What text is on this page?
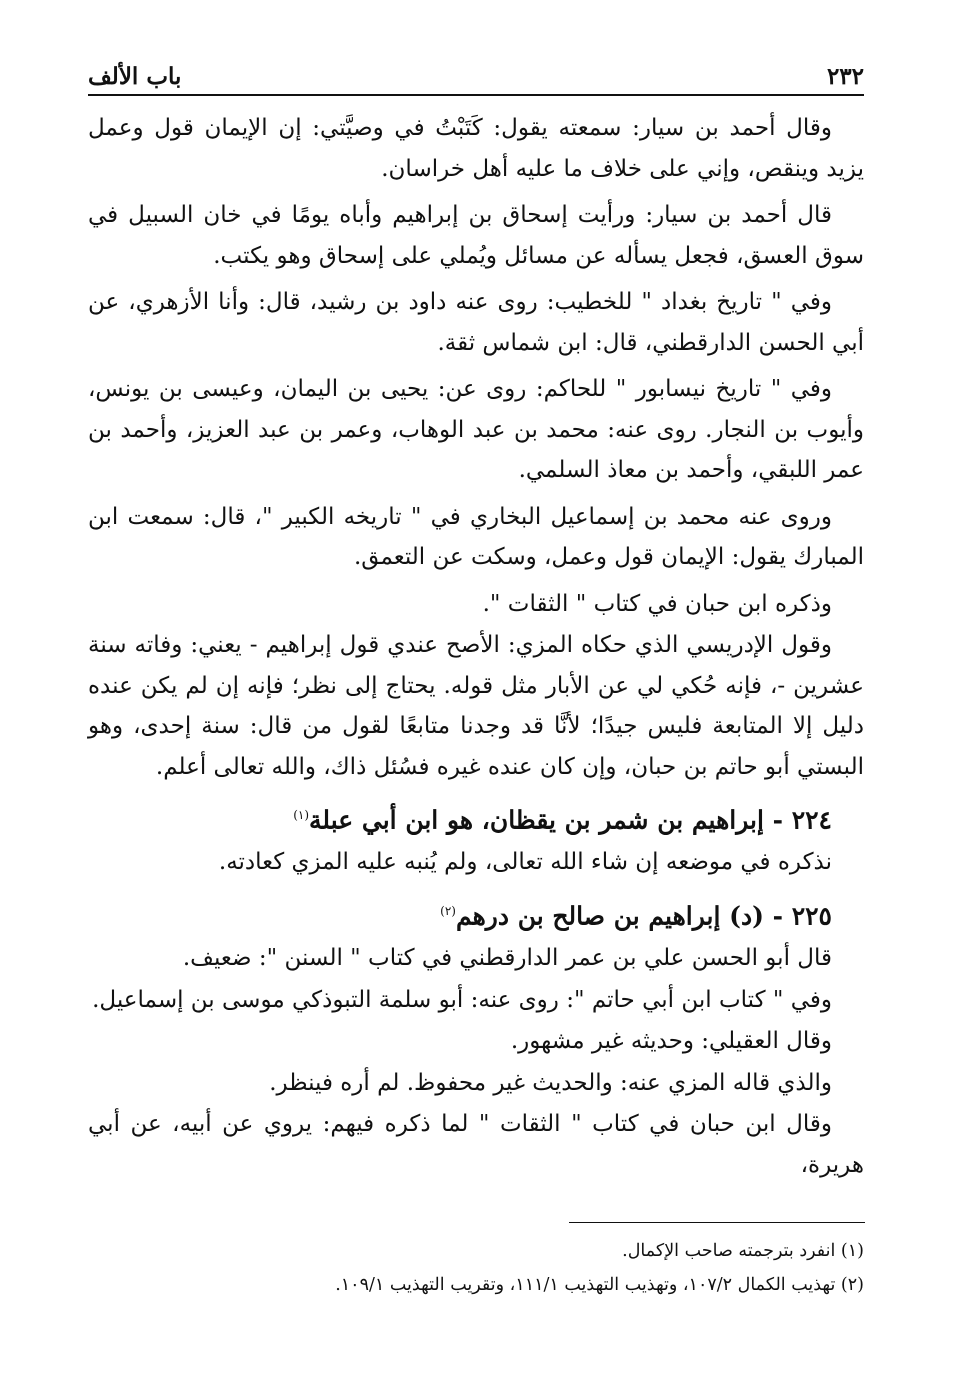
٢٣٢
باب الألف

وقال أحمد بن سيار: سمعته يقول: كَتَبْتُ في وصيَّتي: إن الإيمان قول وعمل يزيد وينقص، وإني على خلاف ما عليه أهل خراسان.

قال أحمد بن سيار: ورأيت إسحاق بن إبراهيم وأباه يومًا في خان السبيل في سوق العسق، فجعل يسأله عن مسائل ويُملي على إسحاق وهو يكتب.

وفي " تاريخ بغداد " للخطيب: روى عنه داود بن رشيد، قال: وأنا الأزهري، عن أبي الحسن الدارقطني، قال: ابن شماس ثقة.

وفي " تاريخ نيسابور " للحاكم: روى عن: يحيى بن اليمان، وعيسى بن يونس، وأيوب بن النجار. روى عنه: محمد بن عبد الوهاب، وعمر بن عبد العزيز، وأحمد بن عمر اللبقي، وأحمد بن معاذ السلمي.

وروى عنه محمد بن إسماعيل البخاري في " تاريخه الكبير "، قال: سمعت ابن المبارك يقول: الإيمان قول وعمل، وسكت عن التعمق.

وذكره ابن حبان في كتاب " الثقات ".

وقول الإدريسي الذي حكاه المزي: الأصح عندي قول إبراهيم - يعني: وفاته سنة عشرين -، فإنه حُكي لي عن الأبار مثل قوله. يحتاج إلى نظر؛ فإنه إن لم يكن عنده دليل إلا المتابعة فليس جيدًا؛ لأنَّا قد وجدنا متابعًا لقول من قال: سنة إحدى، وهو البستي أبو حاتم بن حبان، وإن كان عنده غيره فسُئل ذاك، والله تعالى أعلم.

٢٢٤ - إبراهيم بن شمر بن يقظان، هو ابن أبي عبلة$^{(١)}$

نذكره في موضعه إن شاء الله تعالى، ولم يُنبه عليه المزي كعادته.

٢٢٥ - (د) إبراهيم بن صالح بن درهم$^{(٢)}$

قال أبو الحسن علي بن عمر الدارقطني في كتاب " السنن ": ضعيف.

وفي " كتاب ابن أبي حاتم ": روى عنه: أبو سلمة التبوذكي موسى بن إسماعيل.

وقال العقيلي: وحديثه غير مشهور.

والذي قاله المزي عنه: والحديث غير محفوظ. لم أره فينظر.

وقال ابن حبان في كتاب " الثقات " لما ذكره فيهم: يروي عن أبيه، عن أبي هريرة،

(١) انفرد بترجمته صاحب الإكمال.
(٢) تهذيب الكمال ١٠٧/٢، وتهذيب التهذيب ١١١/١، وتقريب التهذيب ١٠٩/١.
